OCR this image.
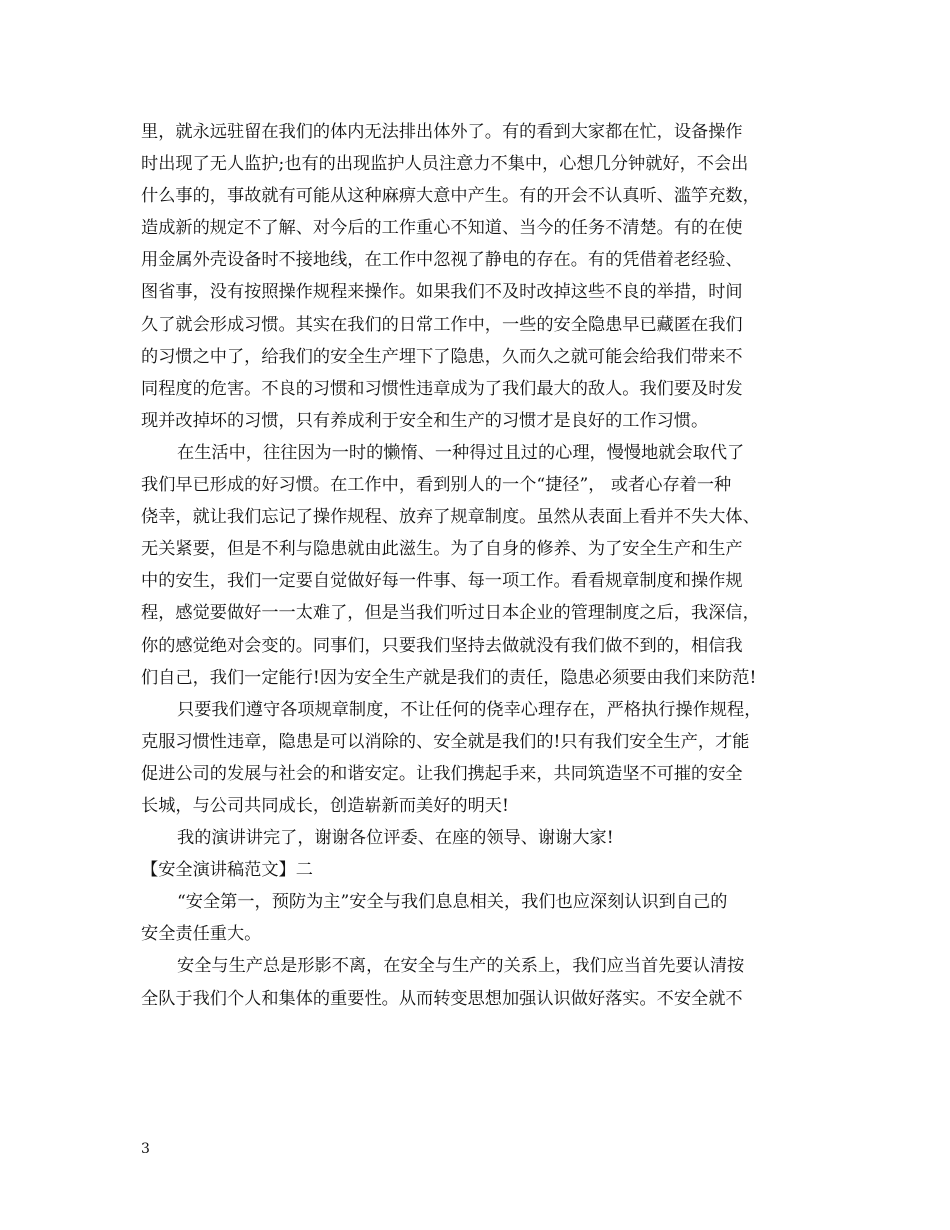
里，就永远驻留在我们的体内无法排出体外了。有的看到大家都在忙，设备操作
时出现了无人监护;也有的出现监护人员注意力不集中，心想几分钟就好，不会出
什么事的，事故就有可能从这种麻痹大意中产生。有的开会不认真听、滥竽充数，
造成新的规定不了解、对今后的工作重心不知道、当今的任务不清楚。有的在使
用金属外壳设备时不接地线，在工作中忽视了静电的存在。有的凭借着老经验、
图省事，没有按照操作规程来操作。如果我们不及时改掉这些不良的举措，时间
久了就会形成习惯。其实在我们的日常工作中，一些的安全隐患早已藏匿在我们
的习惯之中了，给我们的安全生产埋下了隐患，久而久之就可能会给我们带来不
同程度的危害。不良的习惯和习惯性违章成为了我们最大的敌人。我们要及时发
现并改掉坏的习惯，只有养成利于安全和生产的习惯才是良好的工作习惯。
在生活中，往往因为一时的懒惰、一种得过且过的心理，慢慢地就会取代了
我们早已形成的好习惯。在工作中，看到别人的一个“捷径”， 或者心存着一种
侥幸，就让我们忘记了操作规程、放弃了规章制度。虽然从表面上看并不失大体、
无关紧要，但是不利与隐患就由此滋生。为了自身的修养、为了安全生产和生产
中的安生，我们一定要自觉做好每一件事、每一项工作。看看规章制度和操作规
程，感觉要做好一一太难了，但是当我们听过日本企业的管理制度之后，我深信，
你的感觉绝对会变的。同事们，只要我们坚持去做就没有我们做不到的，相信我
们自己，我们一定能行!因为安全生产就是我们的责任，隐患必须要由我们来防范!
只要我们遵守各项规章制度，不让任何的侥幸心理存在，严格执行操作规程，
克服习惯性违章，隐患是可以消除的、安全就是我们的!只有我们安全生产，才能
促进公司的发展与社会的和谐安定。让我们携起手来，共同筑造坚不可摧的安全
长城，与公司共同成长，创造崭新而美好的明天!
我的演讲讲完了，谢谢各位评委、在座的领导、谢谢大家!
【安全演讲稿范文】二
“安全第一，预防为主”安全与我们息息相关，我们也应深刻认识到自己的
安全责任重大。
安全与生产总是形影不离，在安全与生产的关系上，我们应当首先要认清按
全队于我们个人和集体的重要性。从而转变思想加强认识做好落实。不安全就不
3
